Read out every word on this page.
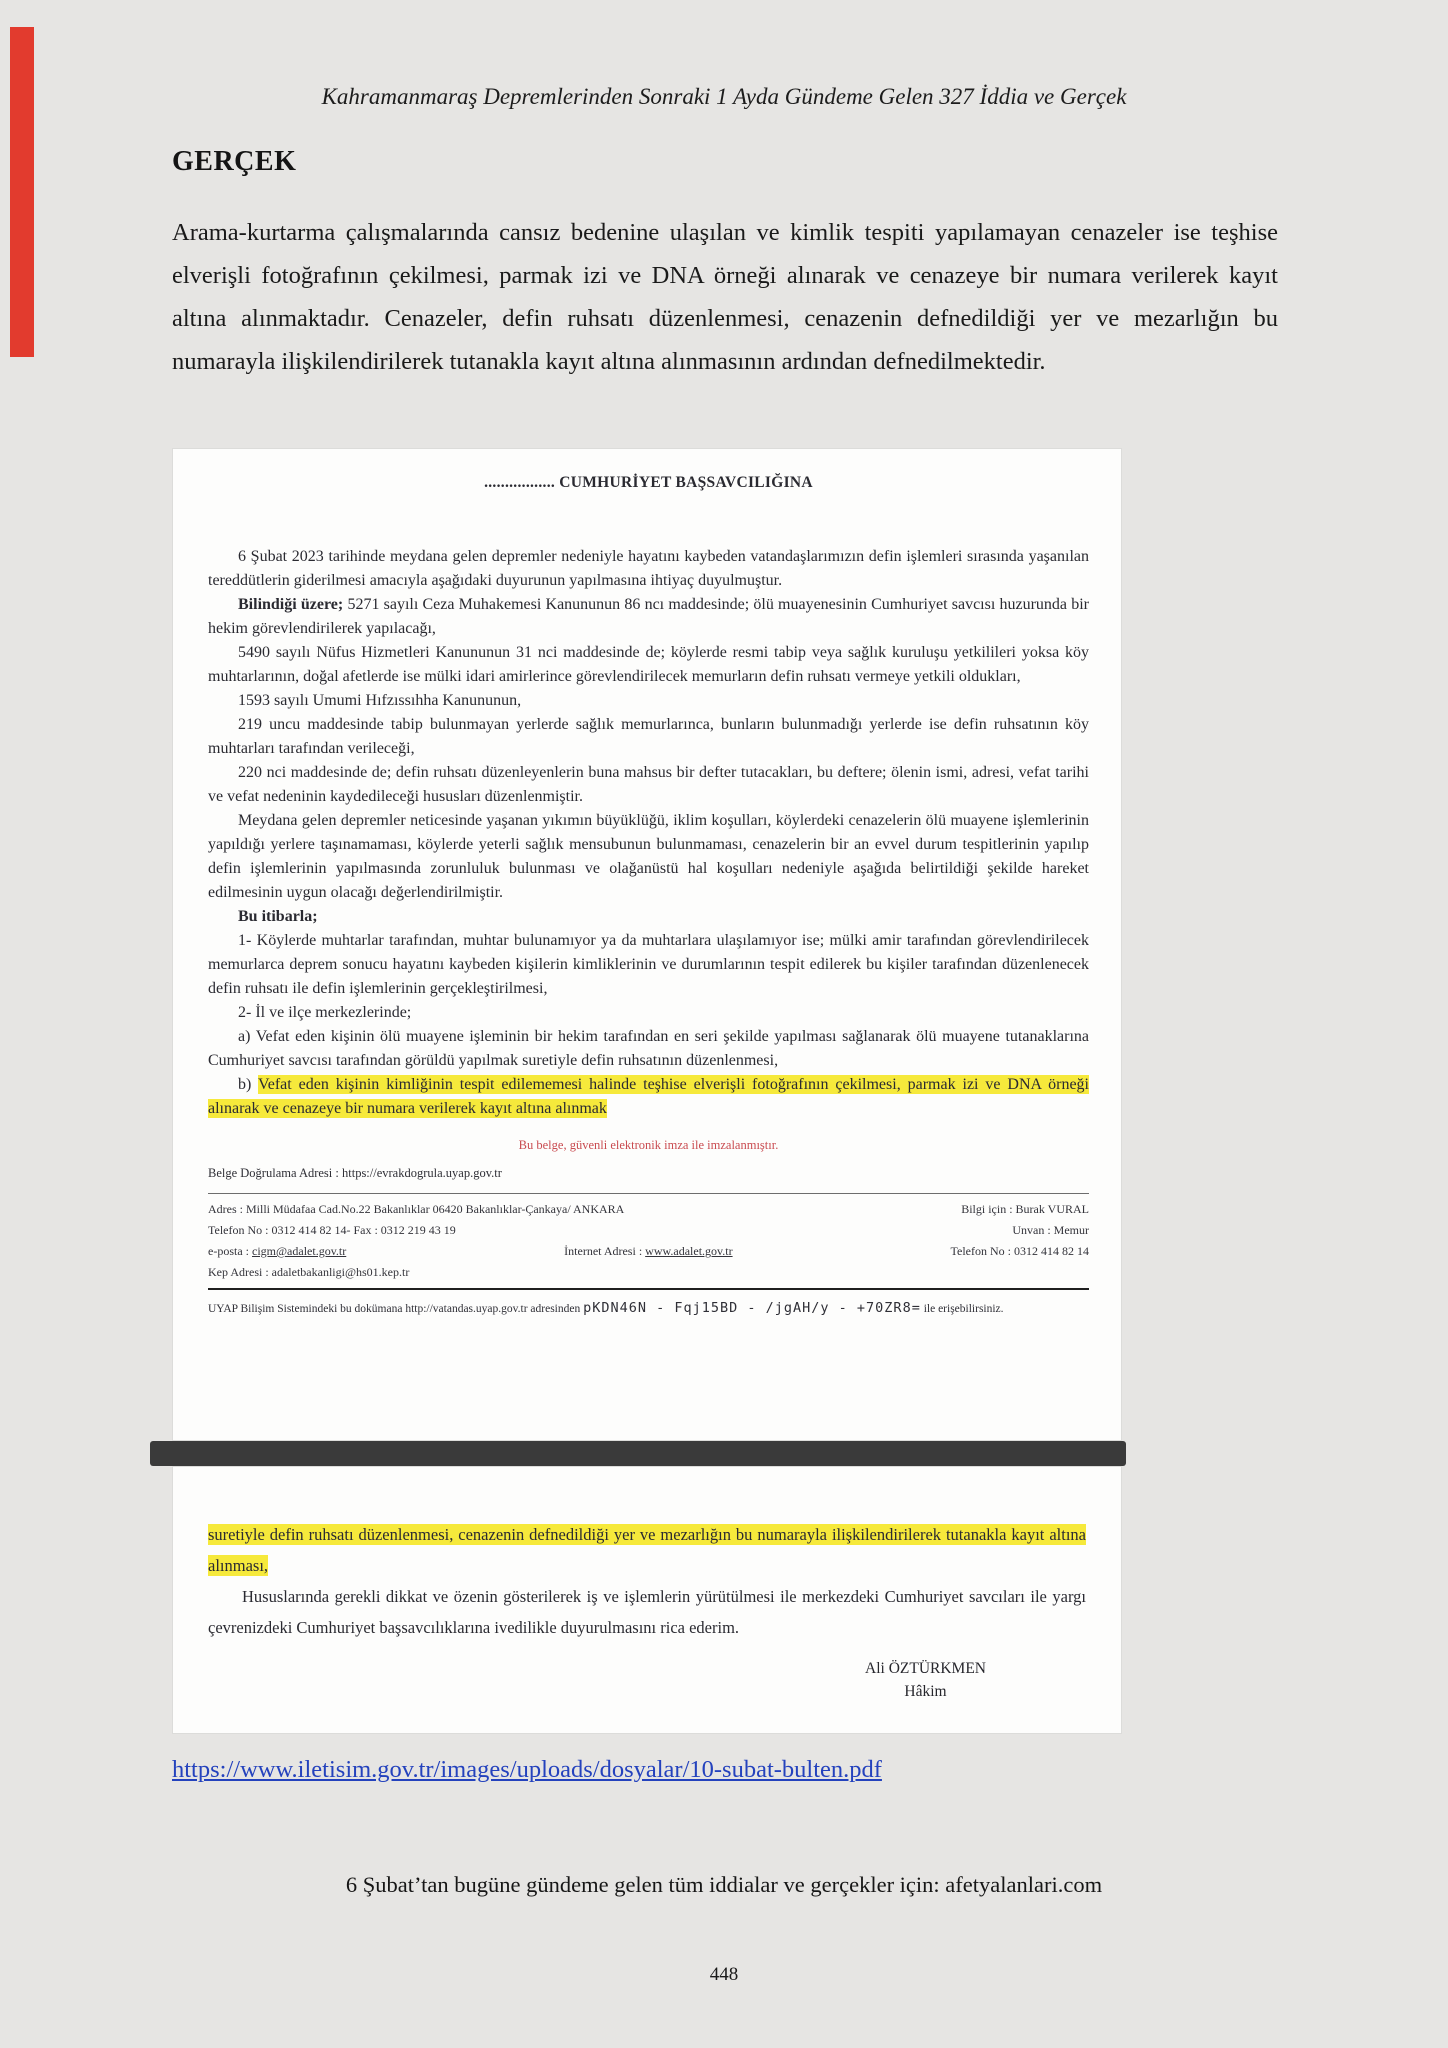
Kahramanmaraş Depremlerinden Sonraki 1 Ayda Gündeme Gelen 327 İddia ve Gerçek
GERÇEK

Arama-kurtarma çalışmalarında cansız bedenine ulaşılan ve kimlik tespiti yapılamayan cenazeler ise teşhise elverişli fotoğrafının çekilmesi, parmak izi ve DNA örneği alınarak ve cenazeye bir numara verilerek kayıt altına alınmaktadır. Cenazeler, defin ruhsatı düzenlenmesi, cenazenin defnedildiği yer ve mezarlığın bu numarayla ilişkilendirilerek tutanakla kayıt altına alınmasının ardından defnedilmektedir.

................. CUMHURİYET BAŞSAVCILIĞINA

6 Şubat 2023 tarihinde meydana gelen depremler nedeniyle hayatını kaybeden vatandaşlarımızın defin işlemleri sırasında yaşanılan tereddütlerin giderilmesi amacıyla aşağıdaki duyurunun yapılmasına ihtiyaç duyulmuştur.

Bilindiği üzere; 5271 sayılı Ceza Muhakemesi Kanununun 86 ncı maddesinde; ölü muayenesinin Cumhuriyet savcısı huzurunda bir hekim görevlendirilerek yapılacağı,

5490 sayılı Nüfus Hizmetleri Kanununun 31 nci maddesinde de; köylerde resmi tabip veya sağlık kuruluşu yetkilileri yoksa köy muhtarlarının, doğal afetlerde ise mülki idari amirlerince görevlendirilecek memurların defin ruhsatı vermeye yetkili oldukları,

1593 sayılı Umumi Hıfzıssıhha Kanununun,

219 uncu maddesinde tabip bulunmayan yerlerde sağlık memurlarınca, bunların bulunmadığı yerlerde ise defin ruhsatının köy muhtarları tarafından verileceği,

220 nci maddesinde de; defin ruhsatı düzenleyenlerin buna mahsus bir defter tutacakları, bu deftere; ölenin ismi, adresi, vefat tarihi ve vefat nedeninin kaydedileceği hususları düzenlenmiştir.

Meydana gelen depremler neticesinde yaşanan yıkımın büyüklüğü, iklim koşulları, köylerdeki cenazelerin ölü muayene işlemlerinin yapıldığı yerlere taşınamaması, köylerde yeterli sağlık mensubunun bulunmaması, cenazelerin bir an evvel durum tespitlerinin yapılıp defin işlemlerinin yapılmasında zorunluluk bulunması ve olağanüstü hal koşulları nedeniyle aşağıda belirtildiği şekilde hareket edilmesinin uygun olacağı değerlendirilmiştir.

Bu itibarla;

1- Köylerde muhtarlar tarafından, muhtar bulunamıyor ya da muhtarlara ulaşılamıyor ise; mülki amir tarafından görevlendirilecek memurlarca deprem sonucu hayatını kaybeden kişilerin kimliklerinin ve durumlarının tespit edilerek bu kişiler tarafından düzenlenecek defin ruhsatı ile defin işlemlerinin gerçekleştirilmesi,

2- İl ve ilçe merkezlerinde;

a) Vefat eden kişinin ölü muayene işleminin bir hekim tarafından en seri şekilde yapılması sağlanarak ölü muayene tutanaklarına Cumhuriyet savcısı tarafından görüldü yapılmak suretiyle defin ruhsatının düzenlenmesi,

b) Vefat eden kişinin kimliğinin tespit edilememesi halinde teşhise elverişli fotoğrafının çekilmesi, parmak izi ve DNA örneği alınarak ve cenazeye bir numara verilerek kayıt altına alınmak

Bu belge, güvenli elektronik imza ile imzalanmıştır.
Belge Doğrulama Adresi : https://evrakdogrula.uyap.gov.tr
Adres : Milli Müdafaa Cad.No.22 Bakanlıklar 06420 Bakanlıklar-Çankaya/ ANKARA	Bilgi için : Burak VURAL
Telefon No : 0312 414 82 14- Fax : 0312 219 43 19	Unvan : Memur
e-posta : cigm@adalet.gov.tr	İnternet Adresi : www.adalet.gov.tr	Telefon No : 0312 414 82 14
Kep Adresi : adaletbakanligi@hs01.kep.tr
UYAP Bilişim Sistemindeki bu dokümana http://vatandas.uyap.gov.tr adresinden pKDN46N - Fqj15BD - /jgAH/y - +70ZR8= ile erişebilirsiniz.

suretiyle defin ruhsatı düzenlenmesi, cenazenin defnedildiği yer ve mezarlığın bu numarayla ilişkilendirilerek tutanakla kayıt altına alınması,

Hususlarında gerekli dikkat ve özenin gösterilerek iş ve işlemlerin yürütülmesi ile merkezdeki Cumhuriyet savcıları ile yargı çevrenizdeki Cumhuriyet başsavcılıklarına ivedilikle duyurulmasını rica ederim.

Ali ÖZTÜRKMEN
Hâkim
https://www.iletisim.gov.tr/images/uploads/dosyalar/10-subat-bulten.pdf
6 Şubat’tan bugüne gündeme gelen tüm iddialar ve gerçekler için: afetyalanlari.com
448
